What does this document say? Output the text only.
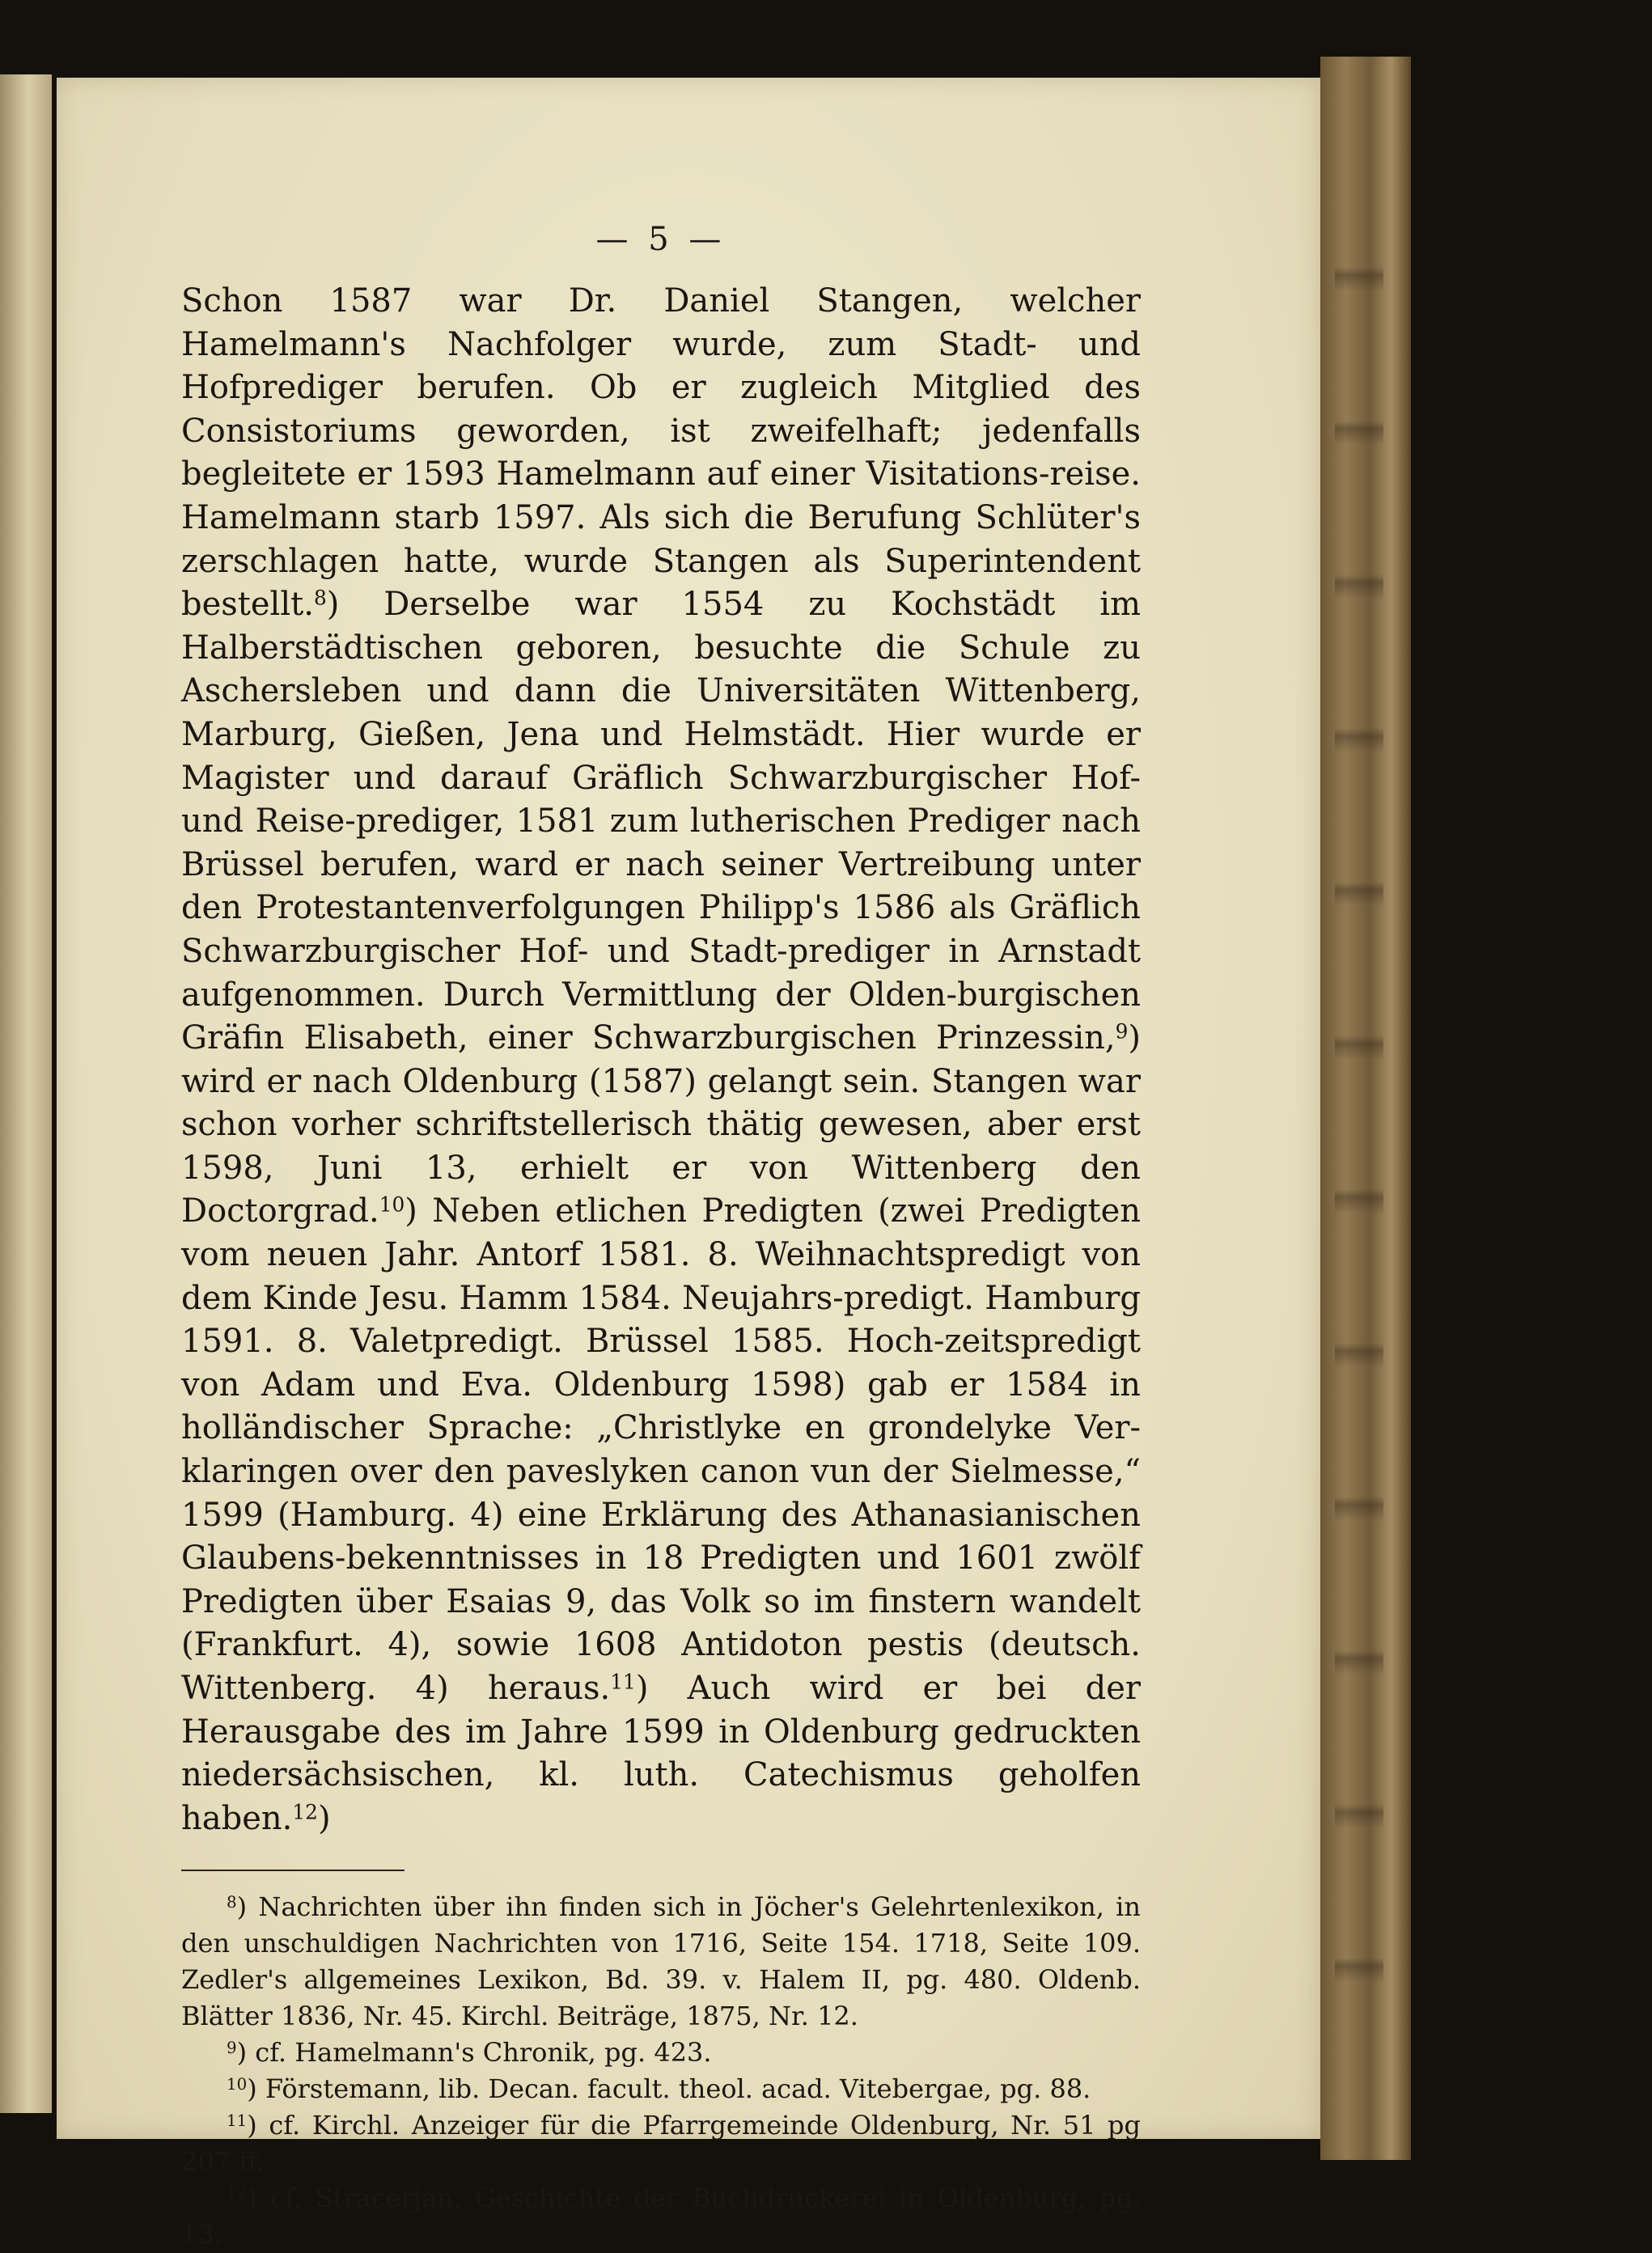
— 5 —

Schon 1587 war Dr. Daniel Stangen, welcher Hamelmann's Nachfolger wurde, zum Stadt- und Hofprediger berufen. Ob er zugleich Mitglied des Consistoriums geworden, ist zweifelhaft; jedenfalls begleitete er 1593 Hamelmann auf einer Visitations-reise. Hamelmann starb 1597. Als sich die Berufung Schlüter's zerschlagen hatte, wurde Stangen als Superintendent bestellt.$^8$) Derselbe war 1554 zu Kochstädt im Halberstädtischen geboren, besuchte die Schule zu Aschersleben und dann die Universitäten Wittenberg, Marburg, Gießen, Jena und Helmstädt. Hier wurde er Magister und darauf Gräflich Schwarzburgischer Hof- und Reise-prediger, 1581 zum lutherischen Prediger nach Brüssel berufen, ward er nach seiner Vertreibung unter den Protestantenverfolgungen Philipp's 1586 als Gräflich Schwarzburgischer Hof- und Stadt-prediger in Arnstadt aufgenommen. Durch Vermittlung der Olden-burgischen Gräfin Elisabeth, einer Schwarzburgischen Prinzessin,$^9$) wird er nach Oldenburg (1587) gelangt sein. Stangen war schon vorher schriftstellerisch thätig gewesen, aber erst 1598, Juni 13, erhielt er von Wittenberg den Doctorgrad.$^{10}$) Neben etlichen Predigten (zwei Predigten vom neuen Jahr. Antorf 1581. 8. Weihnachtspredigt von dem Kinde Jesu. Hamm 1584. Neujahrs-predigt. Hamburg 1591. 8. Valetpredigt. Brüssel 1585. Hoch-zeitspredigt von Adam und Eva. Oldenburg 1598) gab er 1584 in holländischer Sprache: „Christlyke en grondelyke Ver-klaringen over den paveslyken canon vun der Sielmesse,“ 1599 (Hamburg. 4) eine Erklärung des Athanasianischen Glaubens-bekenntnisses in 18 Predigten und 1601 zwölf Predigten über Esaias 9, das Volk so im finstern wandelt (Frankfurt. 4), sowie 1608 Antidoton pestis (deutsch. Wittenberg. 4) heraus.$^{11}$) Auch wird er bei der Herausgabe des im Jahre 1599 in Oldenburg gedruckten niedersächsischen, kl. luth. Catechismus geholfen haben.$^{12}$)

$^8$) Nachrichten über ihn finden sich in Jöcher's Gelehrtenlexikon, in den unschuldigen Nachrichten von 1716, Seite 154. 1718, Seite 109. Zedler's allgemeines Lexikon, Bd. 39. v. Halem II, pg. 480. Oldenb. Blätter 1836, Nr. 45. Kirchl. Beiträge, 1875, Nr. 12.

$^9$) cf. Hamelmann's Chronik, pg. 423.

$^{10}$) Förstemann, lib. Decan. facult. theol. acad. Vitebergae, pg. 88.

$^{11}$) cf. Kirchl. Anzeiger für die Pfarrgemeinde Oldenburg, Nr. 51 pg 207 ff.

$^{12}$) cf. Stracerjan, Geschichte der Buchdruckerei in Oldenburg, pg. 13.
